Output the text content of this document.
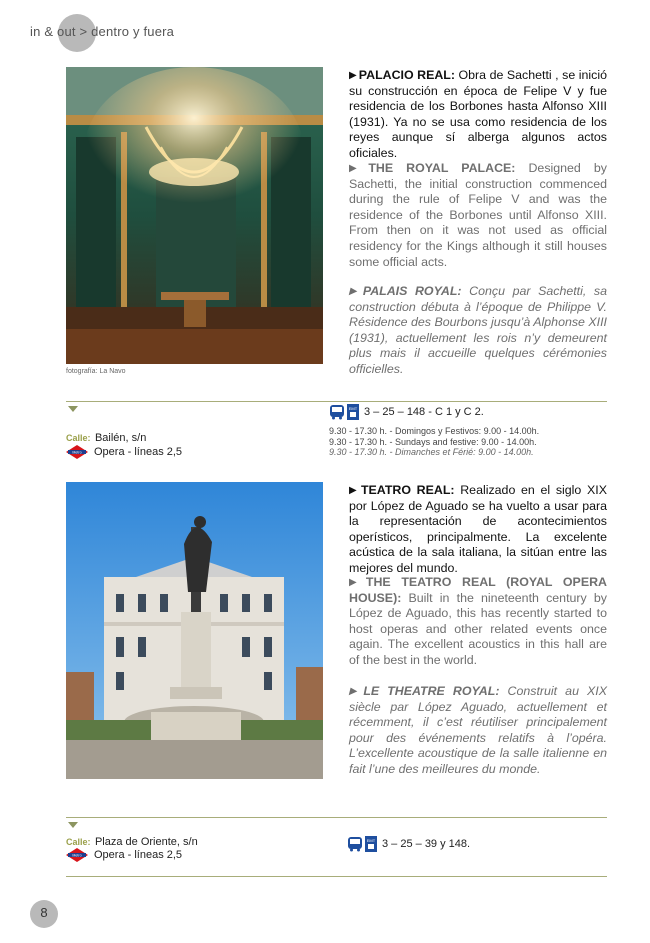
in & out > dentro y fuera
fotografía: La Navo
▶ PALACIO REAL: Obra de Sachetti , se inició su construcción en época de Felipe V y fue residencia de los Borbones hasta Alfonso XIII (1931). Ya no se usa como residencia de los reyes aunque sí alberga algunos actos oficiales.
▶ THE ROYAL PALACE: Designed by Sachetti, the initial construction commenced during the rule of Felipe V and was the residence of the Borbones until Alfonso XIII. From then on it was not used as official residency for the Kings although it still houses some official acts.
▶ PALAIS ROYAL: Conçu par Sachetti, sa construction débuta à l’époque de Philippe V. Résidence des Bourbons jusqu’à Alphonse XIII (1931), actuellement les rois n’y demeurent plus mais il accueille quelques cérémonies officielles.
Calle: Bailén, s/n
Metro Opera - líneas 2,5
EMT 3 – 25 – 148 - C 1 y C 2.
9.30 - 17.30 h. - Domingos y Festivos: 9.00 - 14.00h.
9.30 - 17.30 h. - Sundays and festive: 9.00 - 14.00h.
9.30 - 17.30 h. - Dimanches et Férié: 9.00 - 14.00h.
▶ TEATRO REAL: Realizado en el siglo XIX por López de Aguado se ha vuelto a usar para la representación de acontecimientos operísticos, principalmente. La excelente acústica de la sala italiana, la sitúan entre las mejores del mundo.
▶ THE TEATRO REAL (ROYAL OPERA HOUSE): Built in the nineteenth century by López de Aguado, this has recently started to host operas and other related events once again. The excellent acoustics in this hall are of the best in the world.
▶ LE THEATRE ROYAL: Construit au XIX siècle par López Aguado, actuellement et récemment, il c’est réutiliser principalement pour des événements relatifs à l’opéra. L’excellente acoustique de la salle italienne en fait l’une des meilleures du monde.
Calle: Plaza de Oriente, s/n
Metro Opera - líneas 2,5
EMT 3 – 25 – 39 y 148.
8
